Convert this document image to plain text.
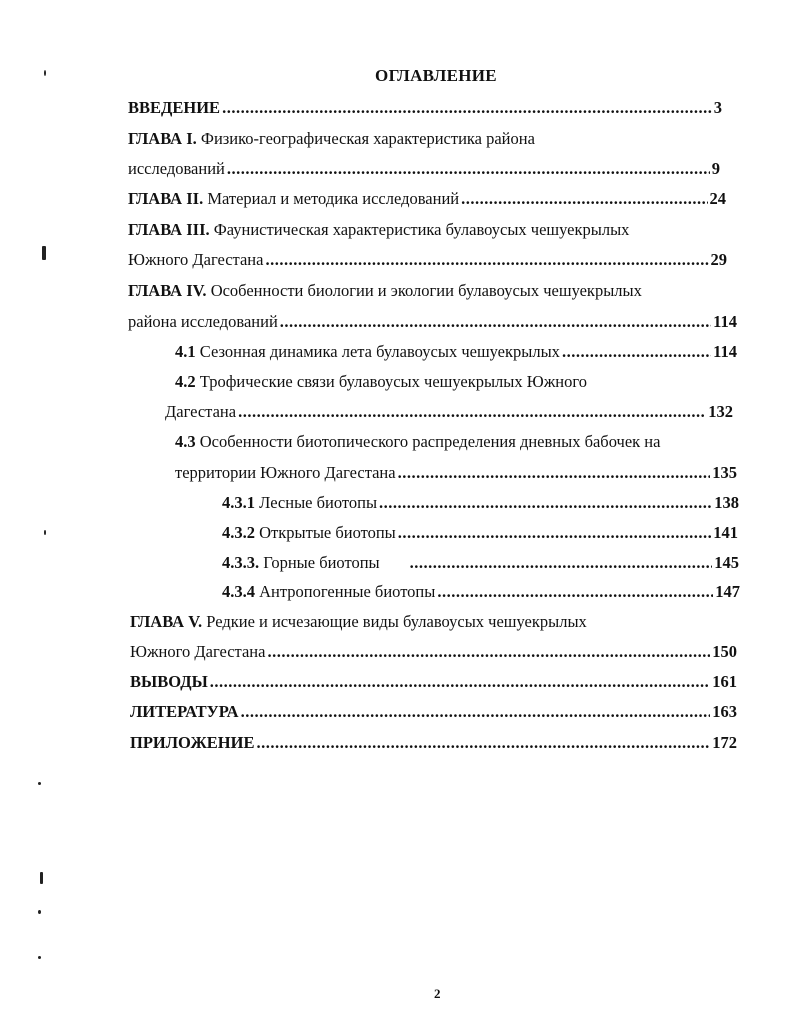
ОГЛАВЛЕНИЕ
ВВЕДЕНИЕ .....	3
ГЛАВА I. Физико-географическая характеристика района
исследований .....	9
ГЛАВА II. Материал и методика исследований .....	24
ГЛАВА III. Фаунистическая характеристика булавоусых чешуекрылых
Южного Дагестана .....	29
ГЛАВА IV. Особенности биологии и экологии булавоусых чешуекрылых
района исследований .....	114
4.1 Сезонная динамика лета булавоусых чешуекрылых .....	114
4.2 Трофические связи булавоусых чешуекрылых Южного
Дагестана .....	132
4.3 Особенности биотопического распределения дневных бабочек на
территории Южного Дагестана .....	135
4.3.1 Лесные биотопы .....	138
4.3.2 Открытые биотопы .....	141
4.3.3. Горные биотопы .....	145
4.3.4 Антропогенные биотопы .....	147
ГЛАВА V. Редкие и исчезающие виды булавоусых чешуекрылых
Южного Дагестана .....	150
ВЫВОДЫ .....	161
ЛИТЕРАТУРА .....	163
ПРИЛОЖЕНИЕ .....	172
2
